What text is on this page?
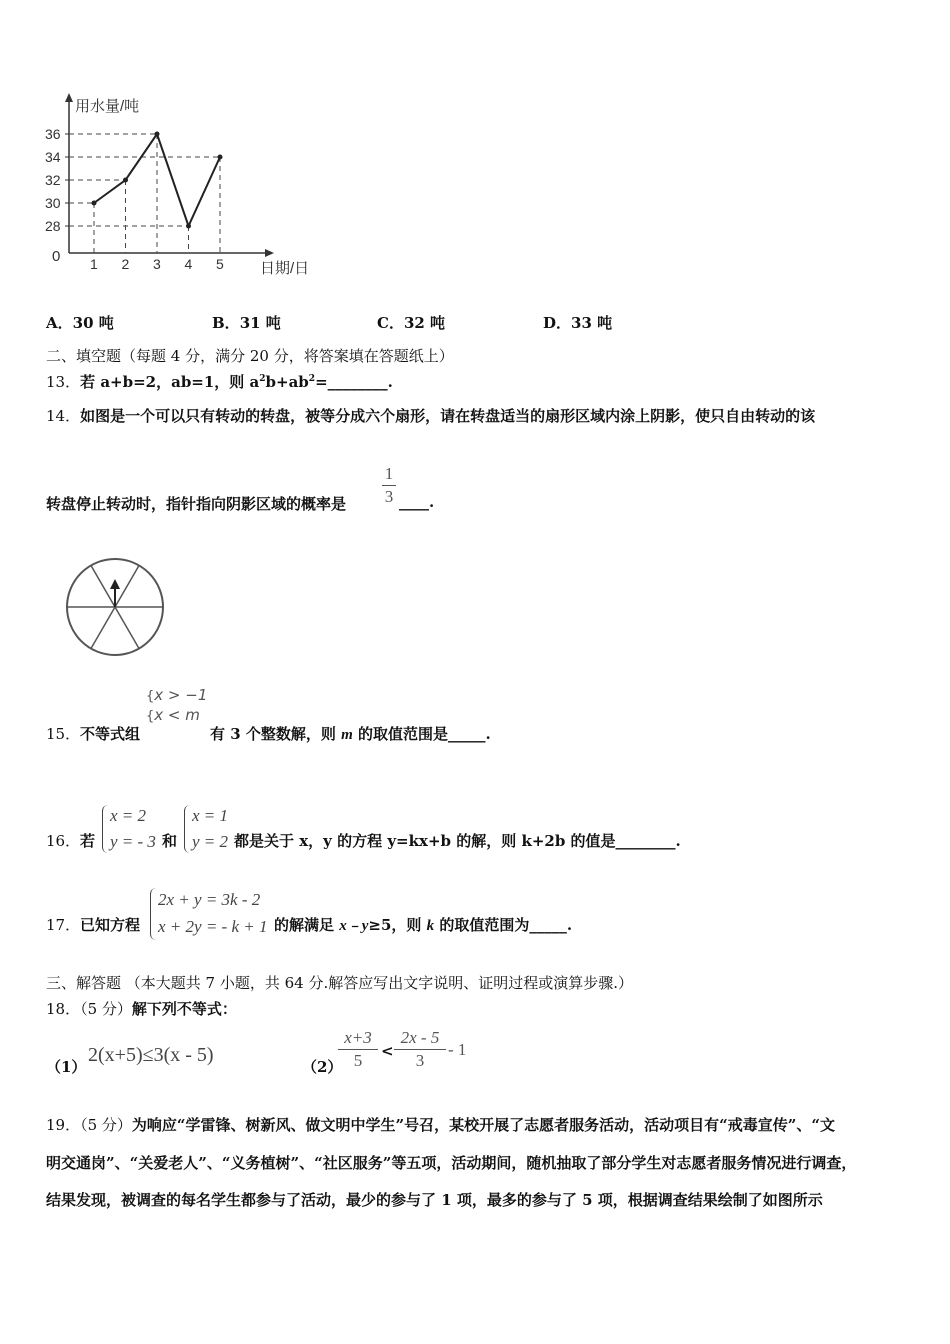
28
30
32
34
36
1 2 3 4 5
用水量/吨
日期/日
0
A．30 吨	B．31 吨	C．32 吨	D．33 吨
二、填空题（每题 4 分，满分 20 分，将答案填在答题纸上）
13．若 a+b=2，ab=1，则 $a^2b+ab^2=\_\_\_\_\_\_\_\_$.
14．如图是一个可以只有转动的转盘，被等分成六个扇形，请在转盘适当的扇形区域内涂上阴影，使只自由转动的该
转盘停止转动时，指针指向阴影区域的概率是
1
3 ____.
15． 不等式组
{x > −1
{x < m
有 3 个整数解，则 m 的取值范围是_____.
16． 若
x = 2
y = - 3 和
x = 1
y = 2 都是关于 x，y 的方程 y=kx+b 的解，则 k+2b 的值是________.
17． 已知方程
2x + y = 3k - 2
x + 2y = - k + 1 的解满足 x﹣y≥5，则 k 的取值范围为_____.
三、解答题 （本大题共 7 小题，共 64 分.解答应写出文字说明、证明过程或演算步骤.）
18．（5 分）解下列不等式：
（1）
2(x+5)≤3(x - 5)
（2）
x+3
5	<
2x - 5
3
- 1
19．（5 分）为响应“学雷锋、树新风、做文明中学生”号召，某校开展了志愿者服务活动，活动项目有“戒毒宣传”、“文
明交通岗”、“关爱老人”、“义务植树”、“社区服务”等五项，活动期间，随机抽取了部分学生对志愿者服务情况进行调查，
结果发现，被调查的每名学生都参与了活动，最少的参与了 1 项，最多的参与了 5 项，根据调查结果绘制了如图所示
